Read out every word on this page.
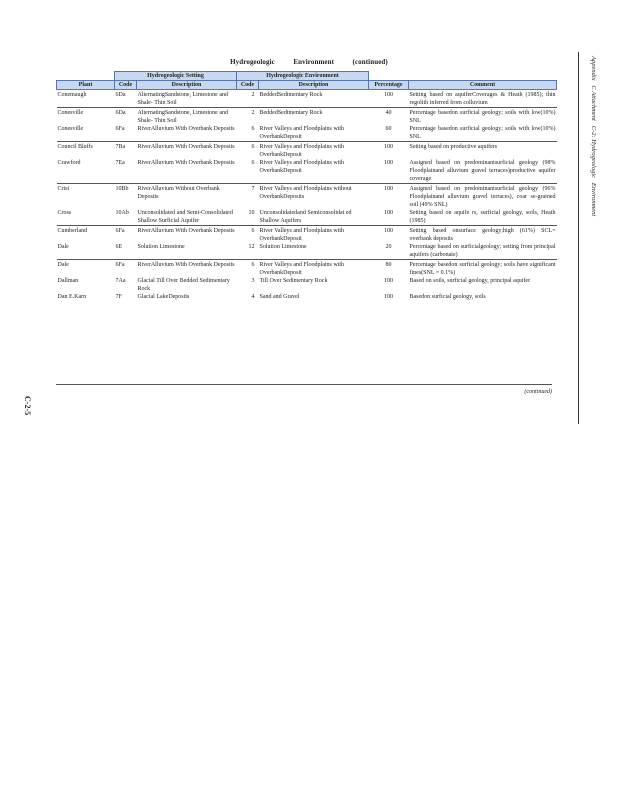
Hydrogeologic          Environment          (continued)
	Hydrogeologic Setting		Hydrogeologic Environment			
Plant	Code	Description	Code	Description	Percentage	Comment
Conemaugh	6Da	AlternatingSandstone, Limestone and Shale- Thin Soil	2	BeddedSedimentary Rock	100	Setting based on aquiferCoverages & Heath (1985); thin regolith inferred from colluvium
Conesville	6Da	AlternatingSandstone, Limestone and Shale- Thin Soil	2	BeddedSedimentary Rock	40	Percentage basedon surficial geology; soils with low(10%) SNL
Conesville	6Fa	RiverAlluvium With Overbank Deposits	6	River Valleys and Floodplains with OverbankDeposit	60	Percentage basedon surficial geology; soils with low(10%) SNL
Council Bluffs	7Ba	RiverAlluvium With Overbank Deposits	6	River Valleys and Floodplains with OverbankDeposit	100	Setting based on productive aquifers
Crawford	7Ea	RiverAlluvium With Overbank Deposits	6	River Valleys and Floodplains with OverbankDeposit	100	Assigned based on predominantsurficial geology (98% Floodplainand alluvium gravel terraces)productive aquifer coverage
Crist	10Bb	RiverAlluvium Without Overbank Deposits	7	River Valleys and Floodplains without OverbankDeposits	100	Assigned based on predominantsurficial geology (96% Floodplainand alluvium gravel terraces), coar se-grained soil (49% SNL)
Cross	10Ab	Unconsolidated and Semi-Consolidated Shallow Surficial Aquifer	10	Unconsolidatedand Semiconsolidat ed Shallow Aquifers	100	Setting based on aquife rs, surficial geology, soils, Heath (1985)
Cumberland	6Fa	RiverAlluvium With Overbank Deposits	6	River Valleys and Floodplains with OverbankDeposit	100	Setting based onsurface geology;high (61%) SCL= overbank deposits
Dale	6E	Solution Limestone	12	Solution Limestone	20	Percentage based on surficialgeology; setting from principal aquifers (carbonate)
Dale	6Fa	RiverAlluvium With Overbank Deposits	6	River Valleys and Floodplains with OverbankDeposit	80	Percentage basedon surficial geology; soils have significant fines(SNL = 0.1%)
Dallman	7Aa	Glacial Till Over Bedded Sedimentary Rock	3	Till Over Sedimentary Rock	100	Based on soils, surficial geology, principal aquifer
Dan E.Karn	7F	Glacial LakeDeposits	4	Sand and Gravel	100	Basedon surficial geology, soils
(continued)
Appendix   C Attachment   C-2: Hydrogeologic   Environment
C-2-5
